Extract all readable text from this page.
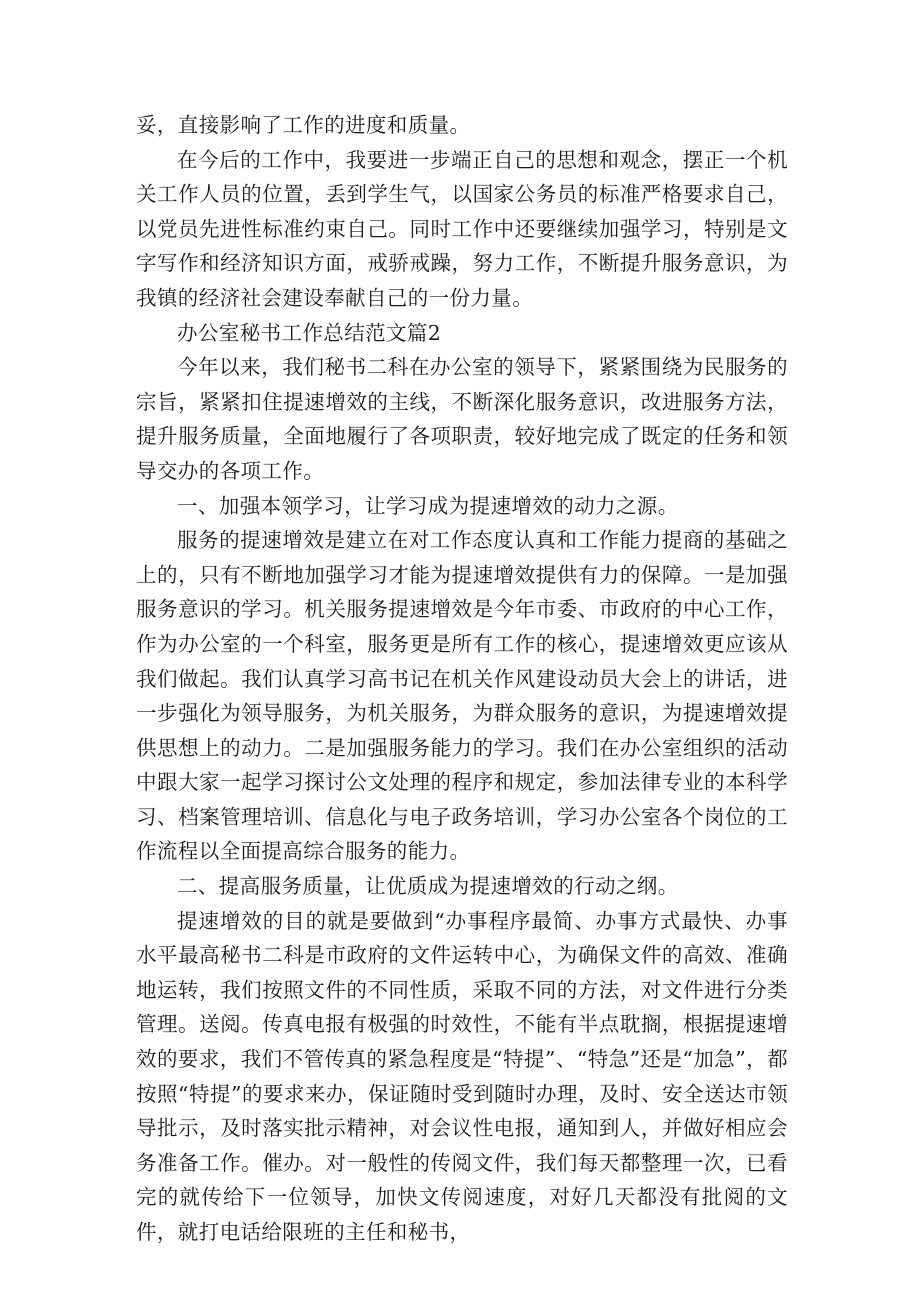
妥，直接影响了工作的进度和质量。

在今后的工作中，我要进一步端正自己的思想和观念，摆正一个机关工作人员的位置，丢到学生气，以国家公务员的标准严格要求自己，以党员先进性标准约束自己。同时工作中还要继续加强学习，特别是文字写作和经济知识方面，戒骄戒躁，努力工作，不断提升服务意识，为我镇的经济社会建设奉献自己的一份力量。

办公室秘书工作总结范文篇2

今年以来，我们秘书二科在办公室的领导下，紧紧围绕为民服务的宗旨，紧紧扣住提速增效的主线，不断深化服务意识，改进服务方法，提升服务质量，全面地履行了各项职责，较好地完成了既定的任务和领导交办的各项工作。

一、加强本领学习，让学习成为提速增效的动力之源。

服务的提速增效是建立在对工作态度认真和工作能力提商的基础之上的，只有不断地加强学习才能为提速增效提供有力的保障。一是加强服务意识的学习。机关服务提速增效是今年市委、市政府的中心工作，作为办公室的一个科室，服务更是所有工作的核心，提速增效更应该从我们做起。我们认真学习高书记在机关作风建设动员大会上的讲话，进一步强化为领导服务，为机关服务，为群众服务的意识，为提速增效提供思想上的动力。二是加强服务能力的学习。我们在办公室组织的活动中跟大家一起学习探讨公文处理的程序和规定，参加法律专业的本科学习、档案管理培训、信息化与电子政务培训，学习办公室各个岗位的工作流程以全面提高综合服务的能力。

二、提高服务质量，让优质成为提速增效的行动之纲。

提速增效的目的就是要做到“办事程序最简、办事方式最快、办事水平最高秘书二科是市政府的文件运转中心，为确保文件的高效、准确地运转，我们按照文件的不同性质，采取不同的方法，对文件进行分类管理。送阅。传真电报有极强的时效性，不能有半点耽搁，根据提速增效的要求，我们不管传真的紧急程度是“特提”、“特急”还是“加急”，都按照“特提”的要求来办，保证随时受到随时办理，及时、安全送达市领导批示，及时落实批示精神，对会议性电报，通知到人，并做好相应会务准备工作。催办。对一般性的传阅文件，我们每天都整理一次，已看完的就传给下一位领导，加快文传阅速度，对好几天都没有批阅的文件，就打电话给限班的主任和秘书，
